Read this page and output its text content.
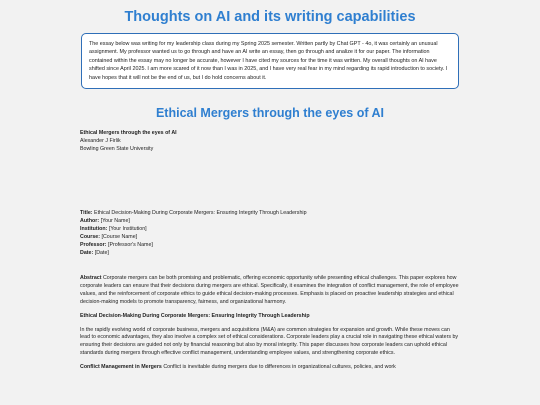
Thoughts on AI and its writing capabilities
The essay below was writing for my leadership class during my Spring 2025 semester. Written partly by Chat GPT - 4o, it was certainly an unusual assignment. My professor wanted us to go through and have an AI write an essay, then go through and analize it for our paper. The information contained within the essay may no longer be accurate, however I have cited my sources for the time it was written. My overall thoughts on AI have shifted since April 2025. I am more scared of it now than I was in 2025, and I have very real fear in my mind regarding its rapid introduction to society. I have hopes that it will not be the end of us, but I do hold concerns about it.
Ethical Mergers through the eyes of AI
Ethical Mergers through the eyes of AI
Alexander J Firlik
Bowling Green State University
Title: Ethical Decision-Making During Corporate Mergers: Ensuring Integrity Through Leadership
Author: [Your Name]
Institution: [Your Institution]
Course: [Course Name]
Professor: [Professor's Name]
Date: [Date]

Abstract Corporate mergers can be both promising and problematic, offering economic opportunity while presenting ethical challenges. This paper explores how corporate leaders can ensure that their decisions during mergers are ethical. Specifically, it examines the integration of conflict management, the role of employee values, and the reinforcement of corporate ethics to guide ethical decision-making processes. Emphasis is placed on proactive leadership strategies and ethical decision-making models to promote transparency, fairness, and organizational harmony.

Ethical Decision-Making During Corporate Mergers: Ensuring Integrity Through Leadership

In the rapidly evolving world of corporate business, mergers and acquisitions (M&A) are common strategies for expansion and growth. While these moves can lead to economic advantages, they also involve a complex set of ethical considerations. Corporate leaders play a crucial role in navigating these ethical waters by ensuring their decisions are guided not only by financial reasoning but also by moral integrity. This paper discusses how corporate leaders can uphold ethical standards during mergers through effective conflict management, understanding employee values, and strengthening corporate ethics.

Conflict Management in Mergers Conflict is inevitable during mergers due to differences in organizational cultures, policies, and work
